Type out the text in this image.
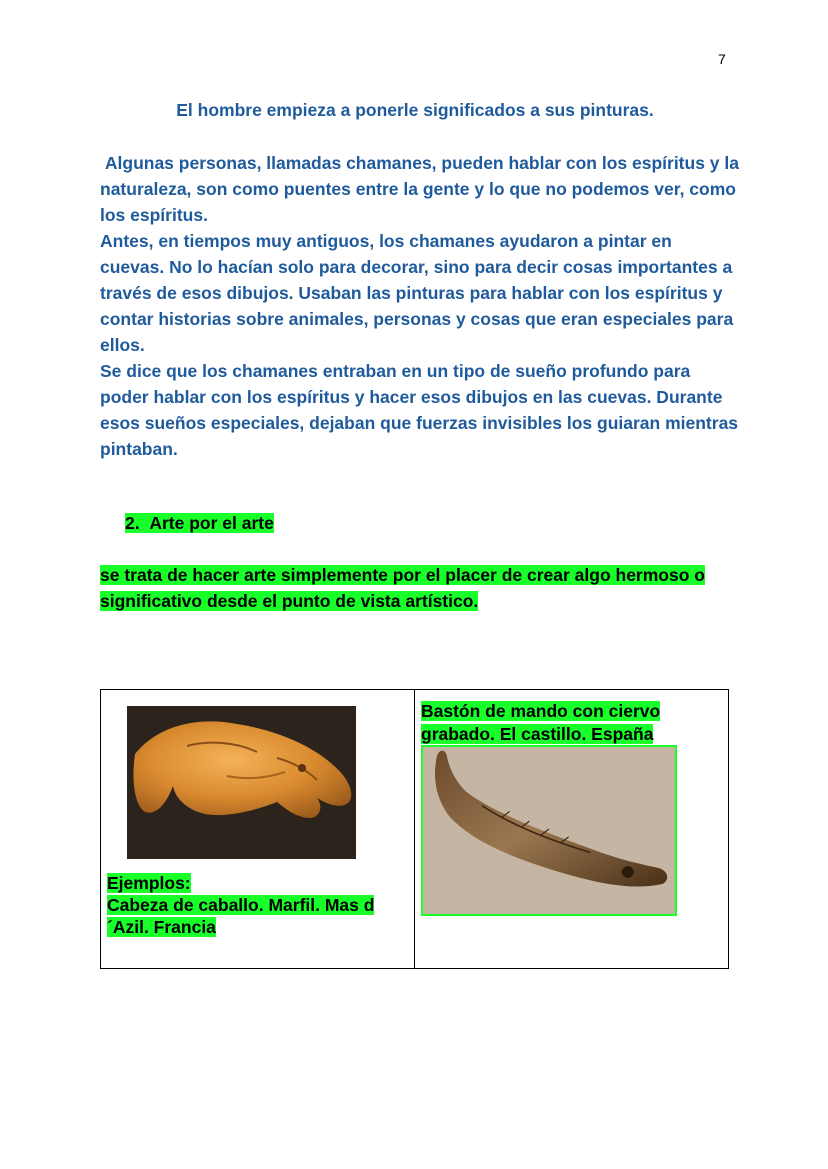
7
El hombre empieza a ponerle significados a sus pinturas.

Algunas personas, llamadas chamanes, pueden hablar con los espíritus y la naturaleza, son como puentes entre la gente y lo que no podemos ver, como los espíritus.

Antes, en tiempos muy antiguos, los chamanes ayudaron a pintar en cuevas. No lo hacían solo para decorar, sino para decir cosas importantes a través de esos dibujos. Usaban las pinturas para hablar con los espíritus y contar historias sobre animales, personas y cosas que eran especiales para ellos.

Se dice que los chamanes entraban en un tipo de sueño profundo para poder hablar con los espíritus y hacer esos dibujos en las cuevas. Durante esos sueños especiales, dejaban que fuerzas invisibles los guiaran mientras pintaban.

2. Arte por el arte
se trata de hacer arte simplemente por el placer de crear algo hermoso o significativo desde el punto de vista artístico.
Ejemplos:
Cabeza de caballo. Marfil. Mas d´Azil. Francia

Bastón de mando con ciervo grabado. El castillo. España
